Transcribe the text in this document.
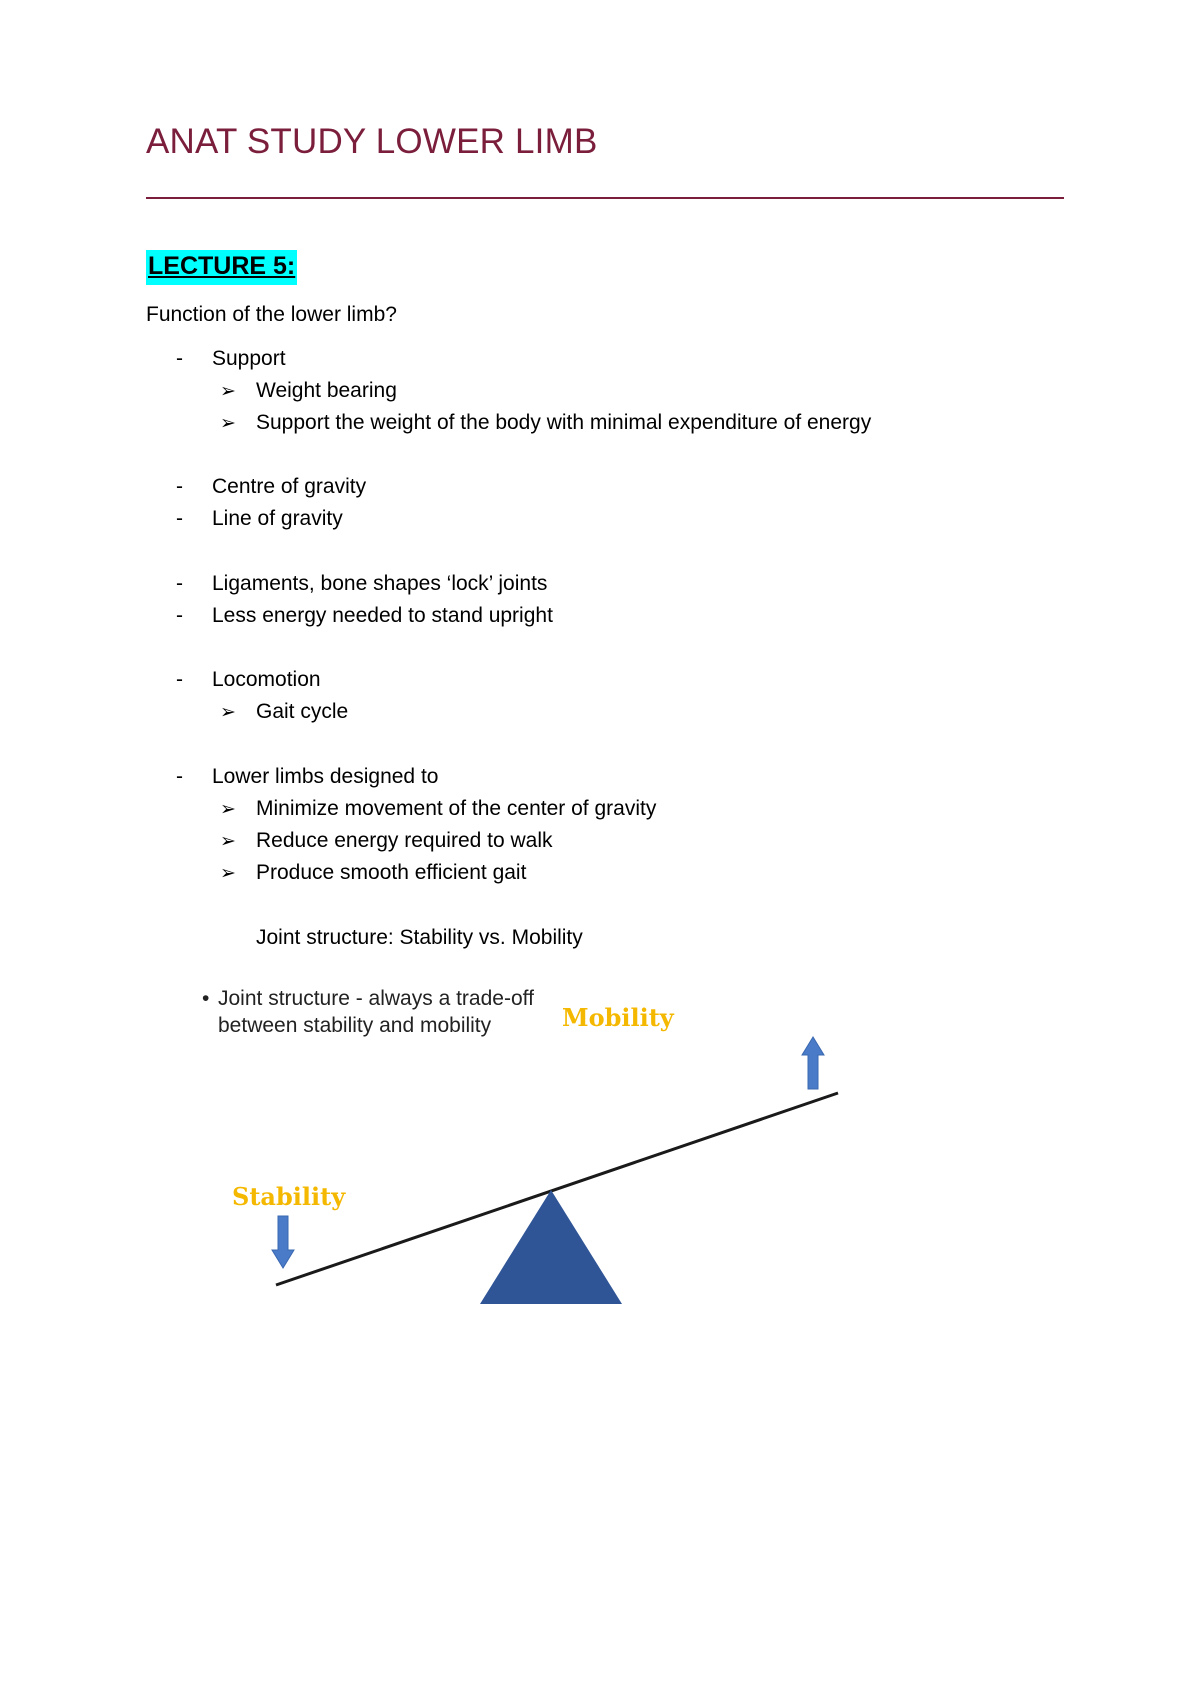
ANAT STUDY LOWER LIMB
LECTURE 5:
Function of the lower limb?
- Support
➢ Weight bearing
➢ Support the weight of the body with minimal expenditure of energy
- Centre of gravity
- Line of gravity
- Ligaments, bone shapes ‘lock’ joints
- Less energy needed to stand upright
- Locomotion
➢ Gait cycle
- Lower limbs designed to
➢ Minimize movement of the center of gravity
➢ Reduce energy required to walk
➢ Produce smooth efficient gait
Joint structure: Stability vs. Mobility
• Joint structure - always a trade-off between stability and mobility	Mobility
Stability
